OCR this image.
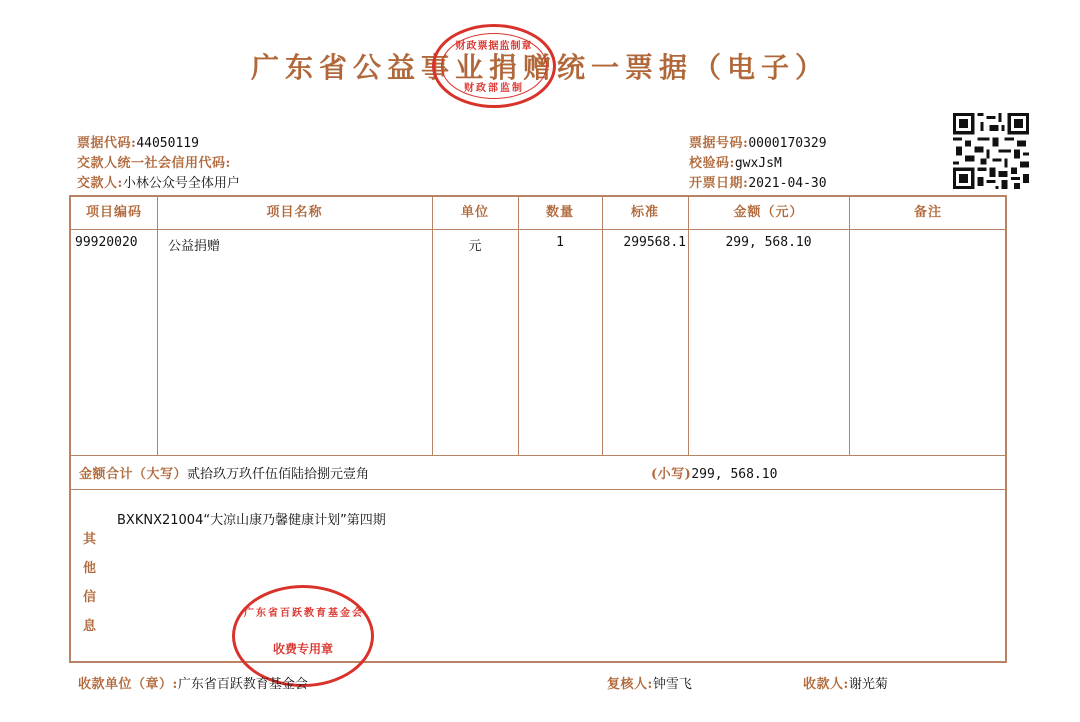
广东省公益事业捐赠统一票据（电子）
财政票据监制章
财政部监制
票据代码:44050119
交款人统一社会信用代码:
交款人:小林公众号全体用户
票据号码:0000170329
校验码:gwxJsM
开票日期:2021-04-30
项目编码	项目名称	单位	数量	标准	金额（元）	备注
99920020 公益捐赠	元	1	299568.1	299, 568.10
金额合计（大写）贰拾玖万玖仟伍佰陆拾捌元壹角	(小写)299, 568.10
其
他
信
息
BXKNX21004“大凉山康乃馨健康计划”第四期
广东省百跃教育基金会
收费专用章
收款单位（章）:广东省百跃教育基金会	复核人:钟雪飞	收款人:谢光菊
